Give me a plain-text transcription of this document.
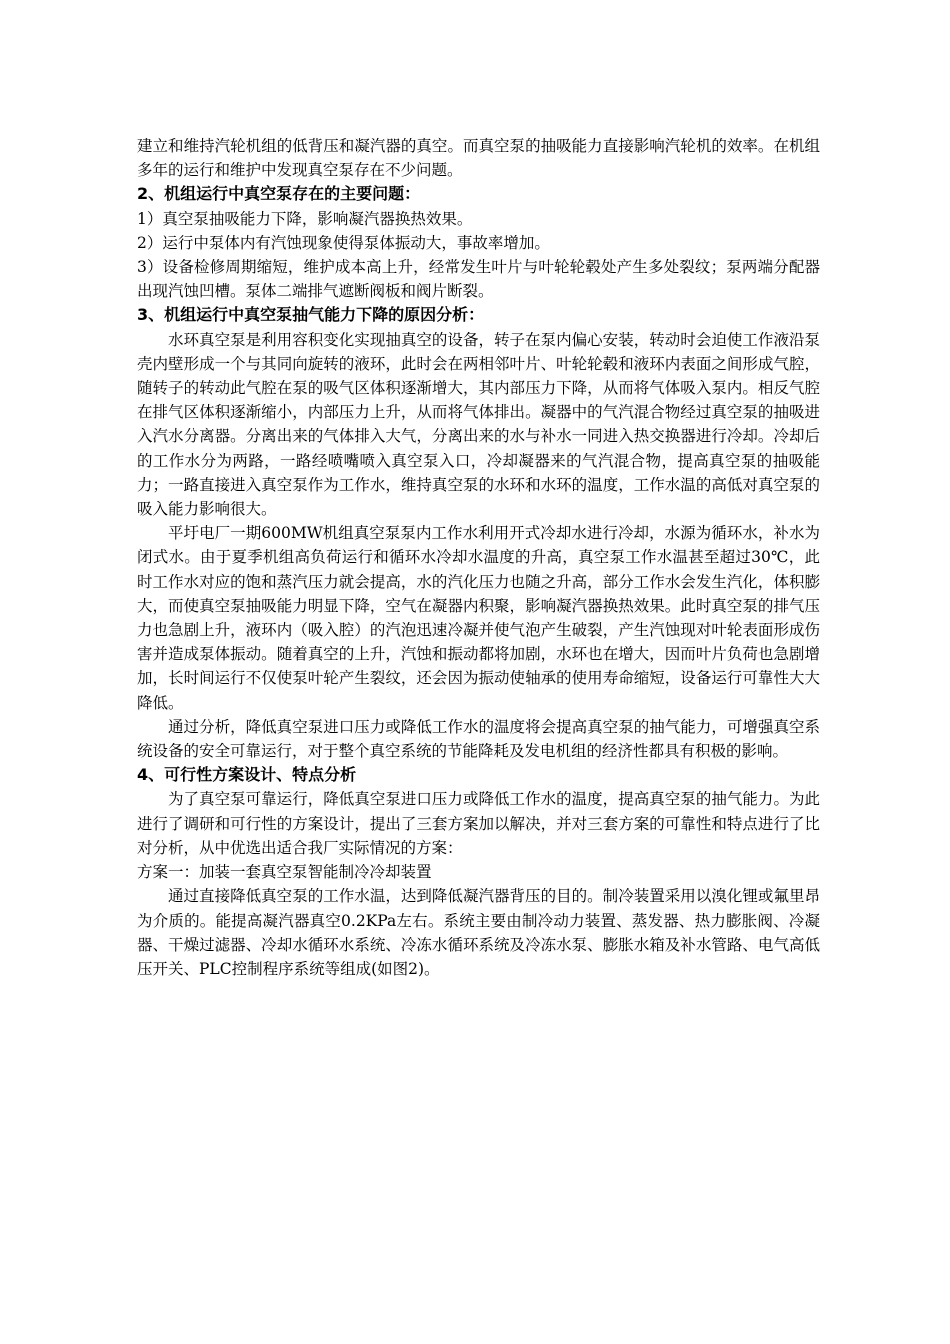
建立和维持汽轮机组的低背压和凝汽器的真空。而真空泵的抽吸能力直接影响汽轮机的效率。在机组多年的运行和维护中发现真空泵存在不少问题。

2、机组运行中真空泵存在的主要问题：

1）真空泵抽吸能力下降，影响凝汽器换热效果。

2）运行中泵体内有汽蚀现象使得泵体振动大，事故率增加。

3）设备检修周期缩短，维护成本高上升，经常发生叶片与叶轮轮毂处产生多处裂纹；泵两端分配器出现汽蚀凹槽。泵体二端排气遮断阀板和阀片断裂。

3、机组运行中真空泵抽气能力下降的原因分析：

水环真空泵是利用容积变化实现抽真空的设备，转子在泵内偏心安装，转动时会迫使工作液沿泵壳内壁形成一个与其同向旋转的液环，此时会在两相邻叶片、叶轮轮毂和液环内表面之间形成气腔，随转子的转动此气腔在泵的吸气区体积逐渐增大，其内部压力下降，从而将气体吸入泵内。相反气腔在排气区体积逐渐缩小，内部压力上升，从而将气体排出。凝器中的气汽混合物经过真空泵的抽吸进入汽水分离器。分离出来的气体排入大气，分离出来的水与补水一同进入热交换器进行冷却。冷却后的工作水分为两路，一路经喷嘴喷入真空泵入口，冷却凝器来的气汽混合物，提高真空泵的抽吸能力；一路直接进入真空泵作为工作水，维持真空泵的水环和水环的温度，工作水温的高低对真空泵的吸入能力影响很大。

平圩电厂一期600MW机组真空泵泵内工作水利用开式冷却水进行冷却，水源为循环水，补水为闭式水。由于夏季机组高负荷运行和循环水冷却水温度的升高，真空泵工作水温甚至超过30℃，此时工作水对应的饱和蒸汽压力就会提高，水的汽化压力也随之升高，部分工作水会发生汽化，体积膨大，而使真空泵抽吸能力明显下降，空气在凝器内积聚，影响凝汽器换热效果。此时真空泵的排气压力也急剧上升，液环内（吸入腔）的汽泡迅速冷凝并使气泡产生破裂，产生汽蚀现对叶轮表面形成伤害并造成泵体振动。随着真空的上升，汽蚀和振动都将加剧，水环也在增大，因而叶片负荷也急剧增加，长时间运行不仅使泵叶轮产生裂纹，还会因为振动使轴承的使用寿命缩短，设备运行可靠性大大降低。

通过分析，降低真空泵进口压力或降低工作水的温度将会提高真空泵的抽气能力，可增强真空系统设备的安全可靠运行，对于整个真空系统的节能降耗及发电机组的经济性都具有积极的影响。

4、可行性方案设计、特点分析

为了真空泵可靠运行，降低真空泵进口压力或降低工作水的温度，提高真空泵的抽气能力。为此进行了调研和可行性的方案设计，提出了三套方案加以解决，并对三套方案的可靠性和特点进行了比对分析，从中优选出适合我厂实际情况的方案：

方案一：加装一套真空泵智能制冷冷却装置

通过直接降低真空泵的工作水温，达到降低凝汽器背压的目的。制冷装置采用以溴化锂或氟里昂为介质的。能提高凝汽器真空0.2KPa左右。系统主要由制冷动力装置、蒸发器、热力膨胀阀、冷凝器、干燥过滤器、冷却水循环水系统、冷冻水循环系统及冷冻水泵、膨胀水箱及补水管路、电气高低压开关、PLC控制程序系统等组成(如图2)。
